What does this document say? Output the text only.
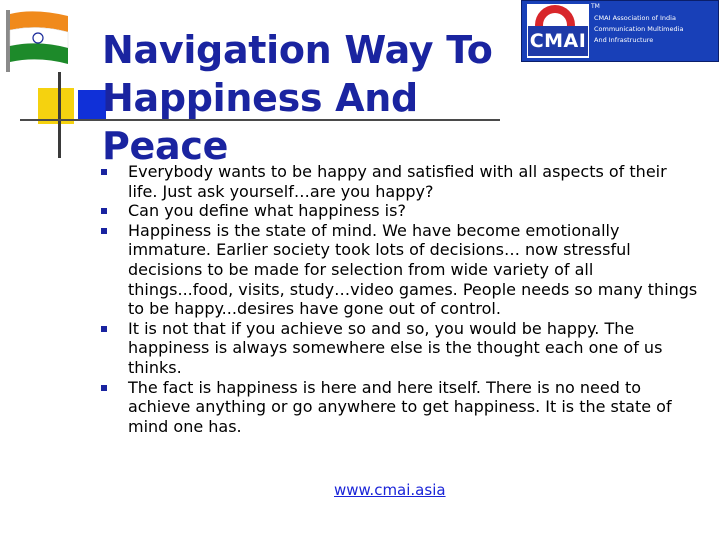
Navigation Way To
Happiness And Peace
CMAI
TM
CMAI Association of India
Communication Multimedia
And Infrastructure
Everybody wants to be happy and satisfied with all aspects of their life. Just ask yourself…are you happy?
Can you define what happiness is?
Happiness is the state of mind. We have become emotionally immature. Earlier society took lots of decisions… now stressful decisions to be made for selection from wide variety of all things...food, visits, study…video games. People needs so many things to be happy...desires have gone out of control.
It is not that if you achieve so and so, you would be happy. The happiness is always somewhere else is the thought each one of us thinks.
The fact is happiness is here and here itself. There is no need to achieve anything or go anywhere to get happiness. It is the state of mind one has.
www.cmai.asia
